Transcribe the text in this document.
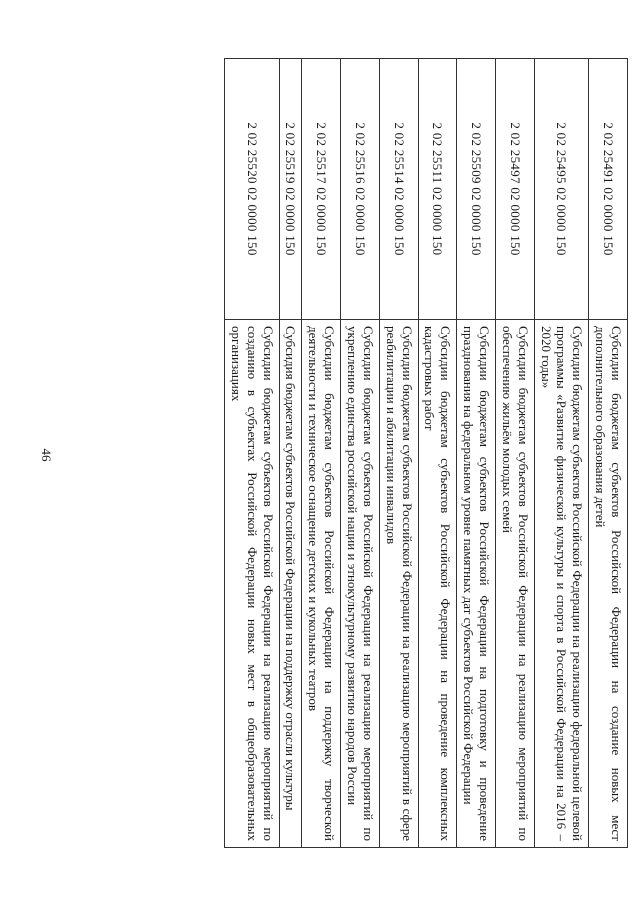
46
2 02 25491 02 0000 150	Субсидии бюджетам субъектов Российской Федерации на создание новых мест дополнительного образования детей
2 02 25495 02 0000 150	Субсидии бюджетам субъектов Российской Федерации на реализацию федеральной целевой программы «Развитие физической культуры и спорта в Российской Федерации на 2016 – 2020 годы»
2 02 25497 02 0000 150	Субсидии бюджетам субъектов Российской Федерации на реализацию мероприятий по обеспечению жильём молодых семей
2 02 25509 02 0000 150	Субсидии бюджетам субъектов Российской Федерации на подготовку и проведение празднования на федеральном уровне памятных дат субъектов Российской Федерации
2 02 25511 02 0000 150	Субсидии бюджетам субъектов Российской Федерации на проведение комплексных кадастровых работ
2 02 25514 02 0000 150	Субсидии бюджетам субъектов Российской Федерации на реализацию мероприятий в сфере реабилитации и абилитации инвалидов
2 02 25516 02 0000 150	Субсидии бюджетам субъектов Российской Федерации на реализацию мероприятий по укреплению единства российской нации и этнокультурному развитию народов России
2 02 25517 02 0000 150	Субсидии бюджетам субъектов Российской Федерации на поддержку творческой деятельности и техническое оснащение детских и кукольных театров
2 02 25519 02 0000 150	Субсидия бюджетам субъектов Российской Федерации на поддержку отрасли культуры
2 02 25520 02 0000 150	Субсидии бюджетам субъектов Российской Федерации на реализацию мероприятий по созданию в субъектах Российской Федерации новых мест в общеобразовательных организациях
